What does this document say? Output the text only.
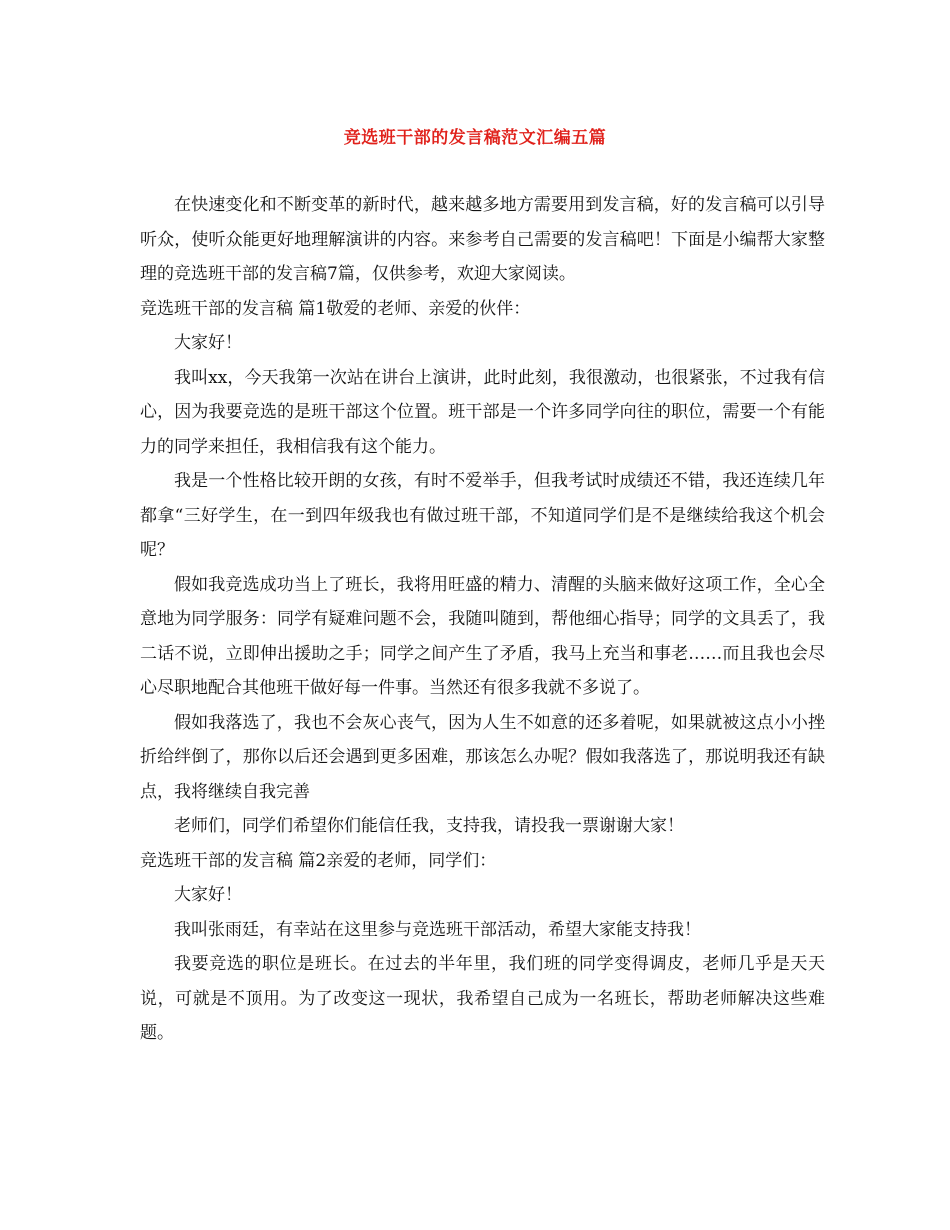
竞选班干部的发言稿范文汇编五篇

在快速变化和不断变革的新时代，越来越多地方需要用到发言稿，好的发言稿可以引导听众，使听众能更好地理解演讲的内容。来参考自己需要的发言稿吧！下面是小编帮大家整理的竞选班干部的发言稿7篇，仅供参考，欢迎大家阅读。

竞选班干部的发言稿 篇1敬爱的老师、亲爱的伙伴：

大家好！

我叫xx，今天我第一次站在讲台上演讲，此时此刻，我很激动，也很紧张，不过我有信心，因为我要竞选的是班干部这个位置。班干部是一个许多同学向往的职位，需要一个有能力的同学来担任，我相信我有这个能力。

我是一个性格比较开朗的女孩，有时不爱举手，但我考试时成绩还不错，我还连续几年都拿“三好学生，在一到四年级我也有做过班干部，不知道同学们是不是继续给我这个机会呢？

假如我竞选成功当上了班长，我将用旺盛的精力、清醒的头脑来做好这项工作，全心全意地为同学服务：同学有疑难问题不会，我随叫随到，帮他细心指导；同学的文具丢了，我二话不说，立即伸出援助之手；同学之间产生了矛盾，我马上充当和事老……而且我也会尽心尽职地配合其他班干做好每一件事。当然还有很多我就不多说了。

假如我落选了，我也不会灰心丧气，因为人生不如意的还多着呢，如果就被这点小小挫折给绊倒了，那你以后还会遇到更多困难，那该怎么办呢？假如我落选了，那说明我还有缺点，我将继续自我完善

老师们，同学们希望你们能信任我，支持我，请投我一票谢谢大家！

竞选班干部的发言稿 篇2亲爱的老师，同学们：

大家好！

我叫张雨廷，有幸站在这里参与竞选班干部活动，希望大家能支持我！

我要竞选的职位是班长。在过去的半年里，我们班的同学变得调皮，老师几乎是天天说，可就是不顶用。为了改变这一现状，我希望自己成为一名班长，帮助老师解决这些难题。
